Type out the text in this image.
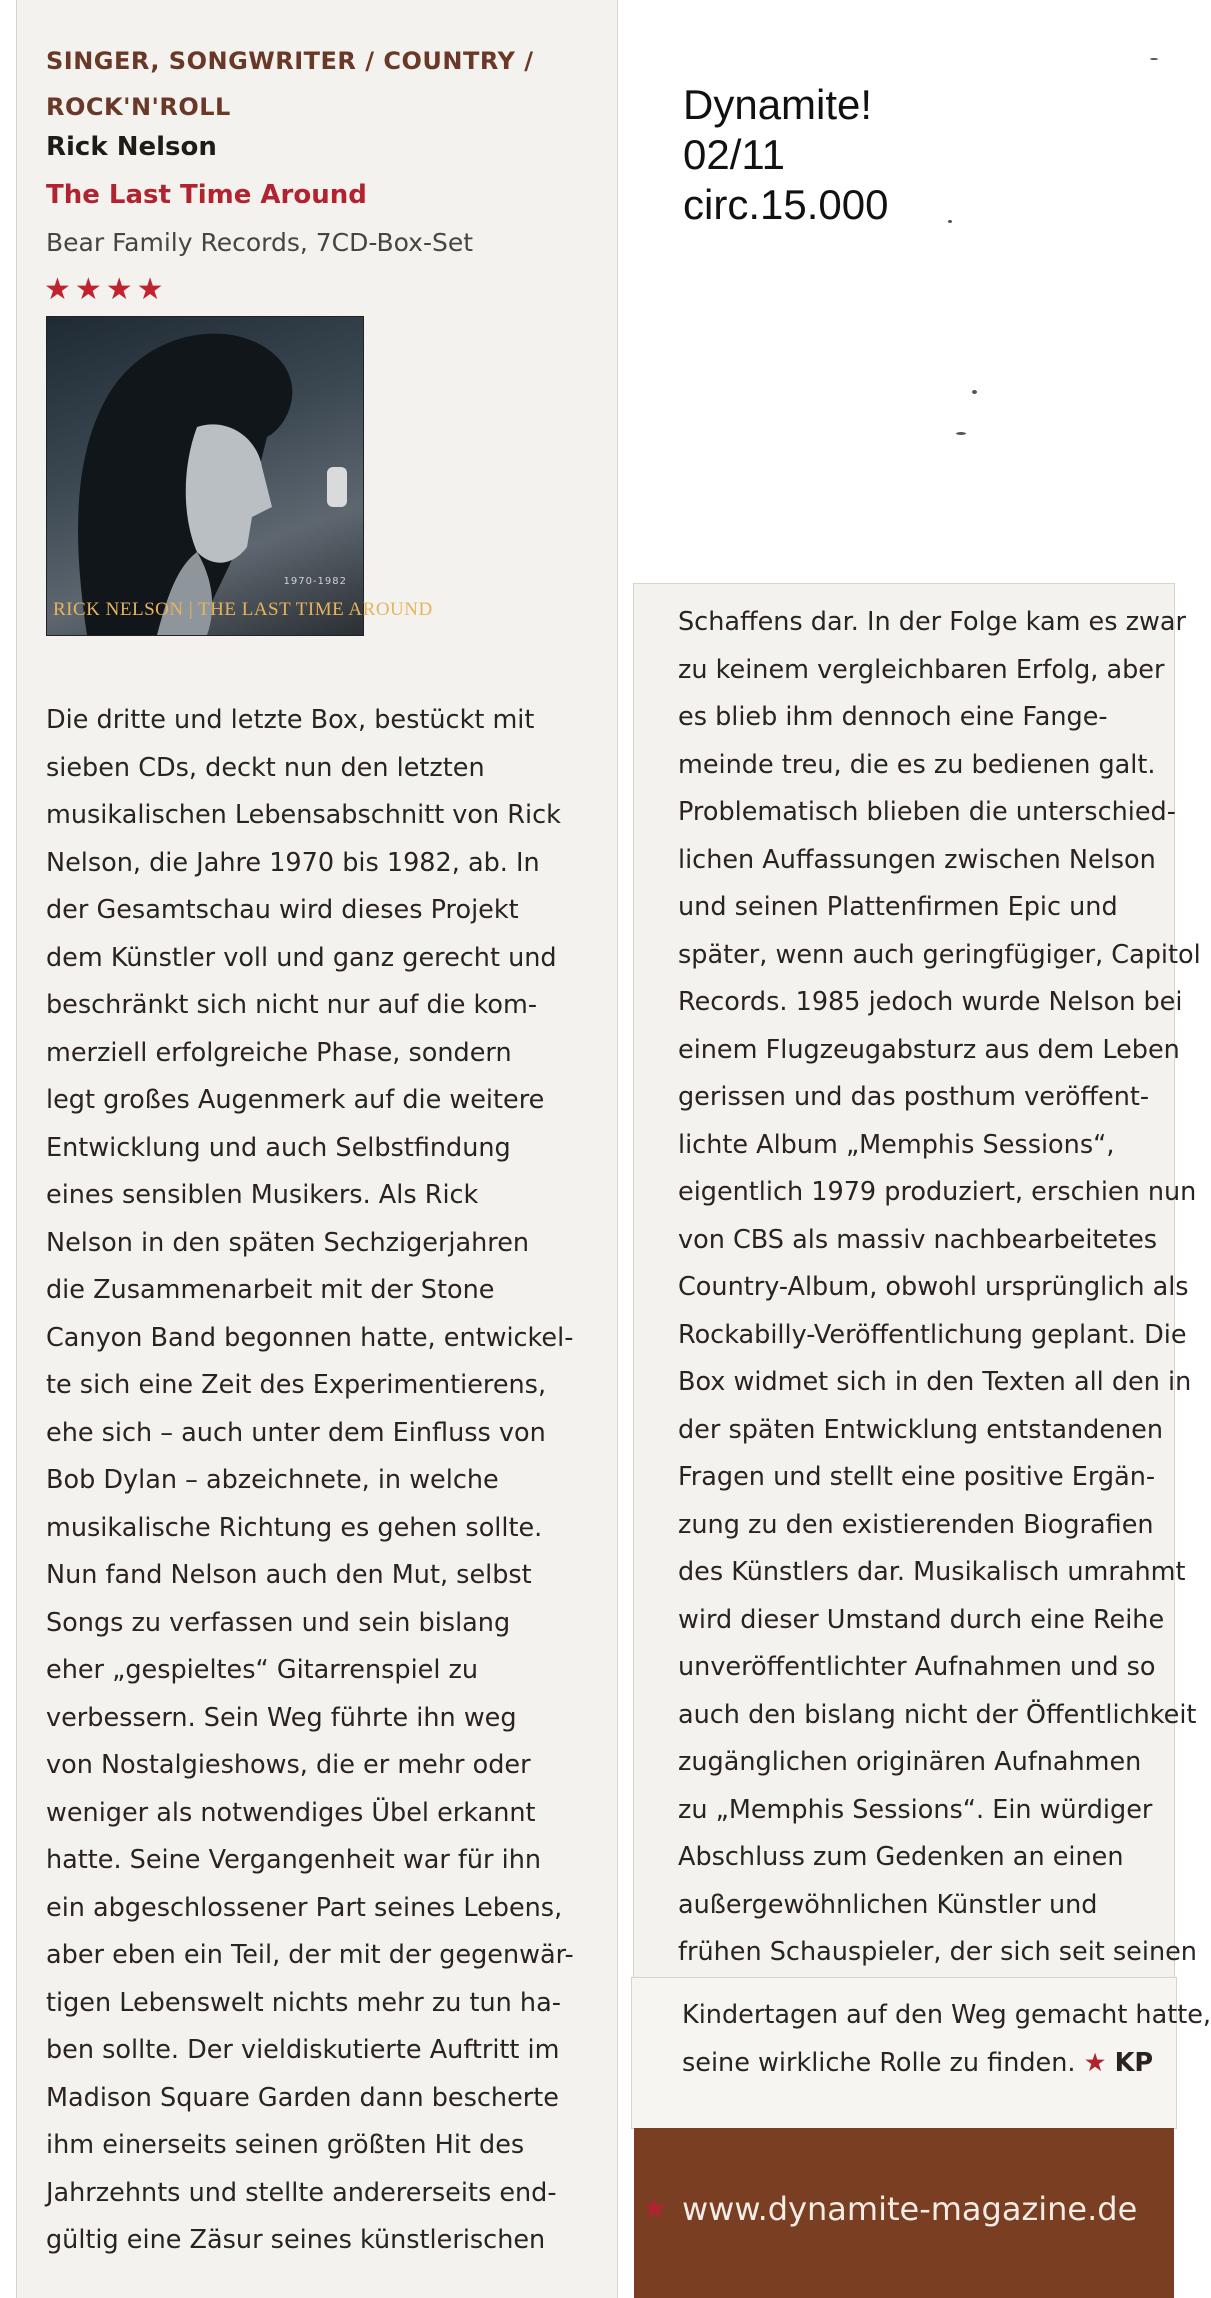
SINGER, SONGWRITER / COUNTRY /
ROCK'N'ROLL
Rick Nelson
The Last Time Around
Bear Family Records, 7CD-Box-Set
★★★★
1970-1982
RICK NELSON | THE LAST TIME AROUND
Die dritte und letzte Box, bestückt mit
sieben CDs, deckt nun den letzten
musikalischen Lebensabschnitt von Rick
Nelson, die Jahre 1970 bis 1982, ab. In
der Gesamtschau wird dieses Projekt
dem Künstler voll und ganz gerecht und
beschränkt sich nicht nur auf die kom-
merziell erfolgreiche Phase, sondern
legt großes Augenmerk auf die weitere
Entwicklung und auch Selbstfindung
eines sensiblen Musikers. Als Rick
Nelson in den späten Sechzigerjahren
die Zusammenarbeit mit der Stone
Canyon Band begonnen hatte, entwickel-
te sich eine Zeit des Experimentierens,
ehe sich – auch unter dem Einfluss von
Bob Dylan – abzeichnete, in welche
musikalische Richtung es gehen sollte.
Nun fand Nelson auch den Mut, selbst
Songs zu verfassen und sein bislang
eher „gespieltes“ Gitarrenspiel zu
verbessern. Sein Weg führte ihn weg
von Nostalgieshows, die er mehr oder
weniger als notwendiges Übel erkannt
hatte. Seine Vergangenheit war für ihn
ein abgeschlossener Part seines Lebens,
aber eben ein Teil, der mit der gegenwär-
tigen Lebenswelt nichts mehr zu tun ha-
ben sollte. Der vieldiskutierte Auftritt im
Madison Square Garden dann bescherte
ihm einerseits seinen größten Hit des
Jahrzehnts und stellte andererseits end-
gültig eine Zäsur seines künstlerischen
Dynamite!
02/11
circ.15.000
Schaffens dar. In der Folge kam es zwar
zu keinem vergleichbaren Erfolg, aber
es blieb ihm dennoch eine Fange-
meinde treu, die es zu bedienen galt.
Problematisch blieben die unterschied-
lichen Auffassungen zwischen Nelson
und seinen Plattenfirmen Epic und
später, wenn auch geringfügiger, Capitol
Records. 1985 jedoch wurde Nelson bei
einem Flugzeugabsturz aus dem Leben
gerissen und das posthum veröffent-
lichte Album „Memphis Sessions“,
eigentlich 1979 produziert, erschien nun
von CBS als massiv nachbearbeitetes
Country-Album, obwohl ursprünglich als
Rockabilly-Veröffentlichung geplant. Die
Box widmet sich in den Texten all den in
der späten Entwicklung entstandenen
Fragen und stellt eine positive Ergän-
zung zu den existierenden Biografien
des Künstlers dar. Musikalisch umrahmt
wird dieser Umstand durch eine Reihe
unveröffentlichter Aufnahmen und so
auch den bislang nicht der Öffentlichkeit
zugänglichen originären Aufnahmen
zu „Memphis Sessions“. Ein würdiger
Abschluss zum Gedenken an einen
außergewöhnlichen Künstler und
frühen Schauspieler, der sich seit seinen
Kindertagen auf den Weg gemacht hatte,
seine wirkliche Rolle zu finden. ★ KP
★ www.dynamite-magazine.de
